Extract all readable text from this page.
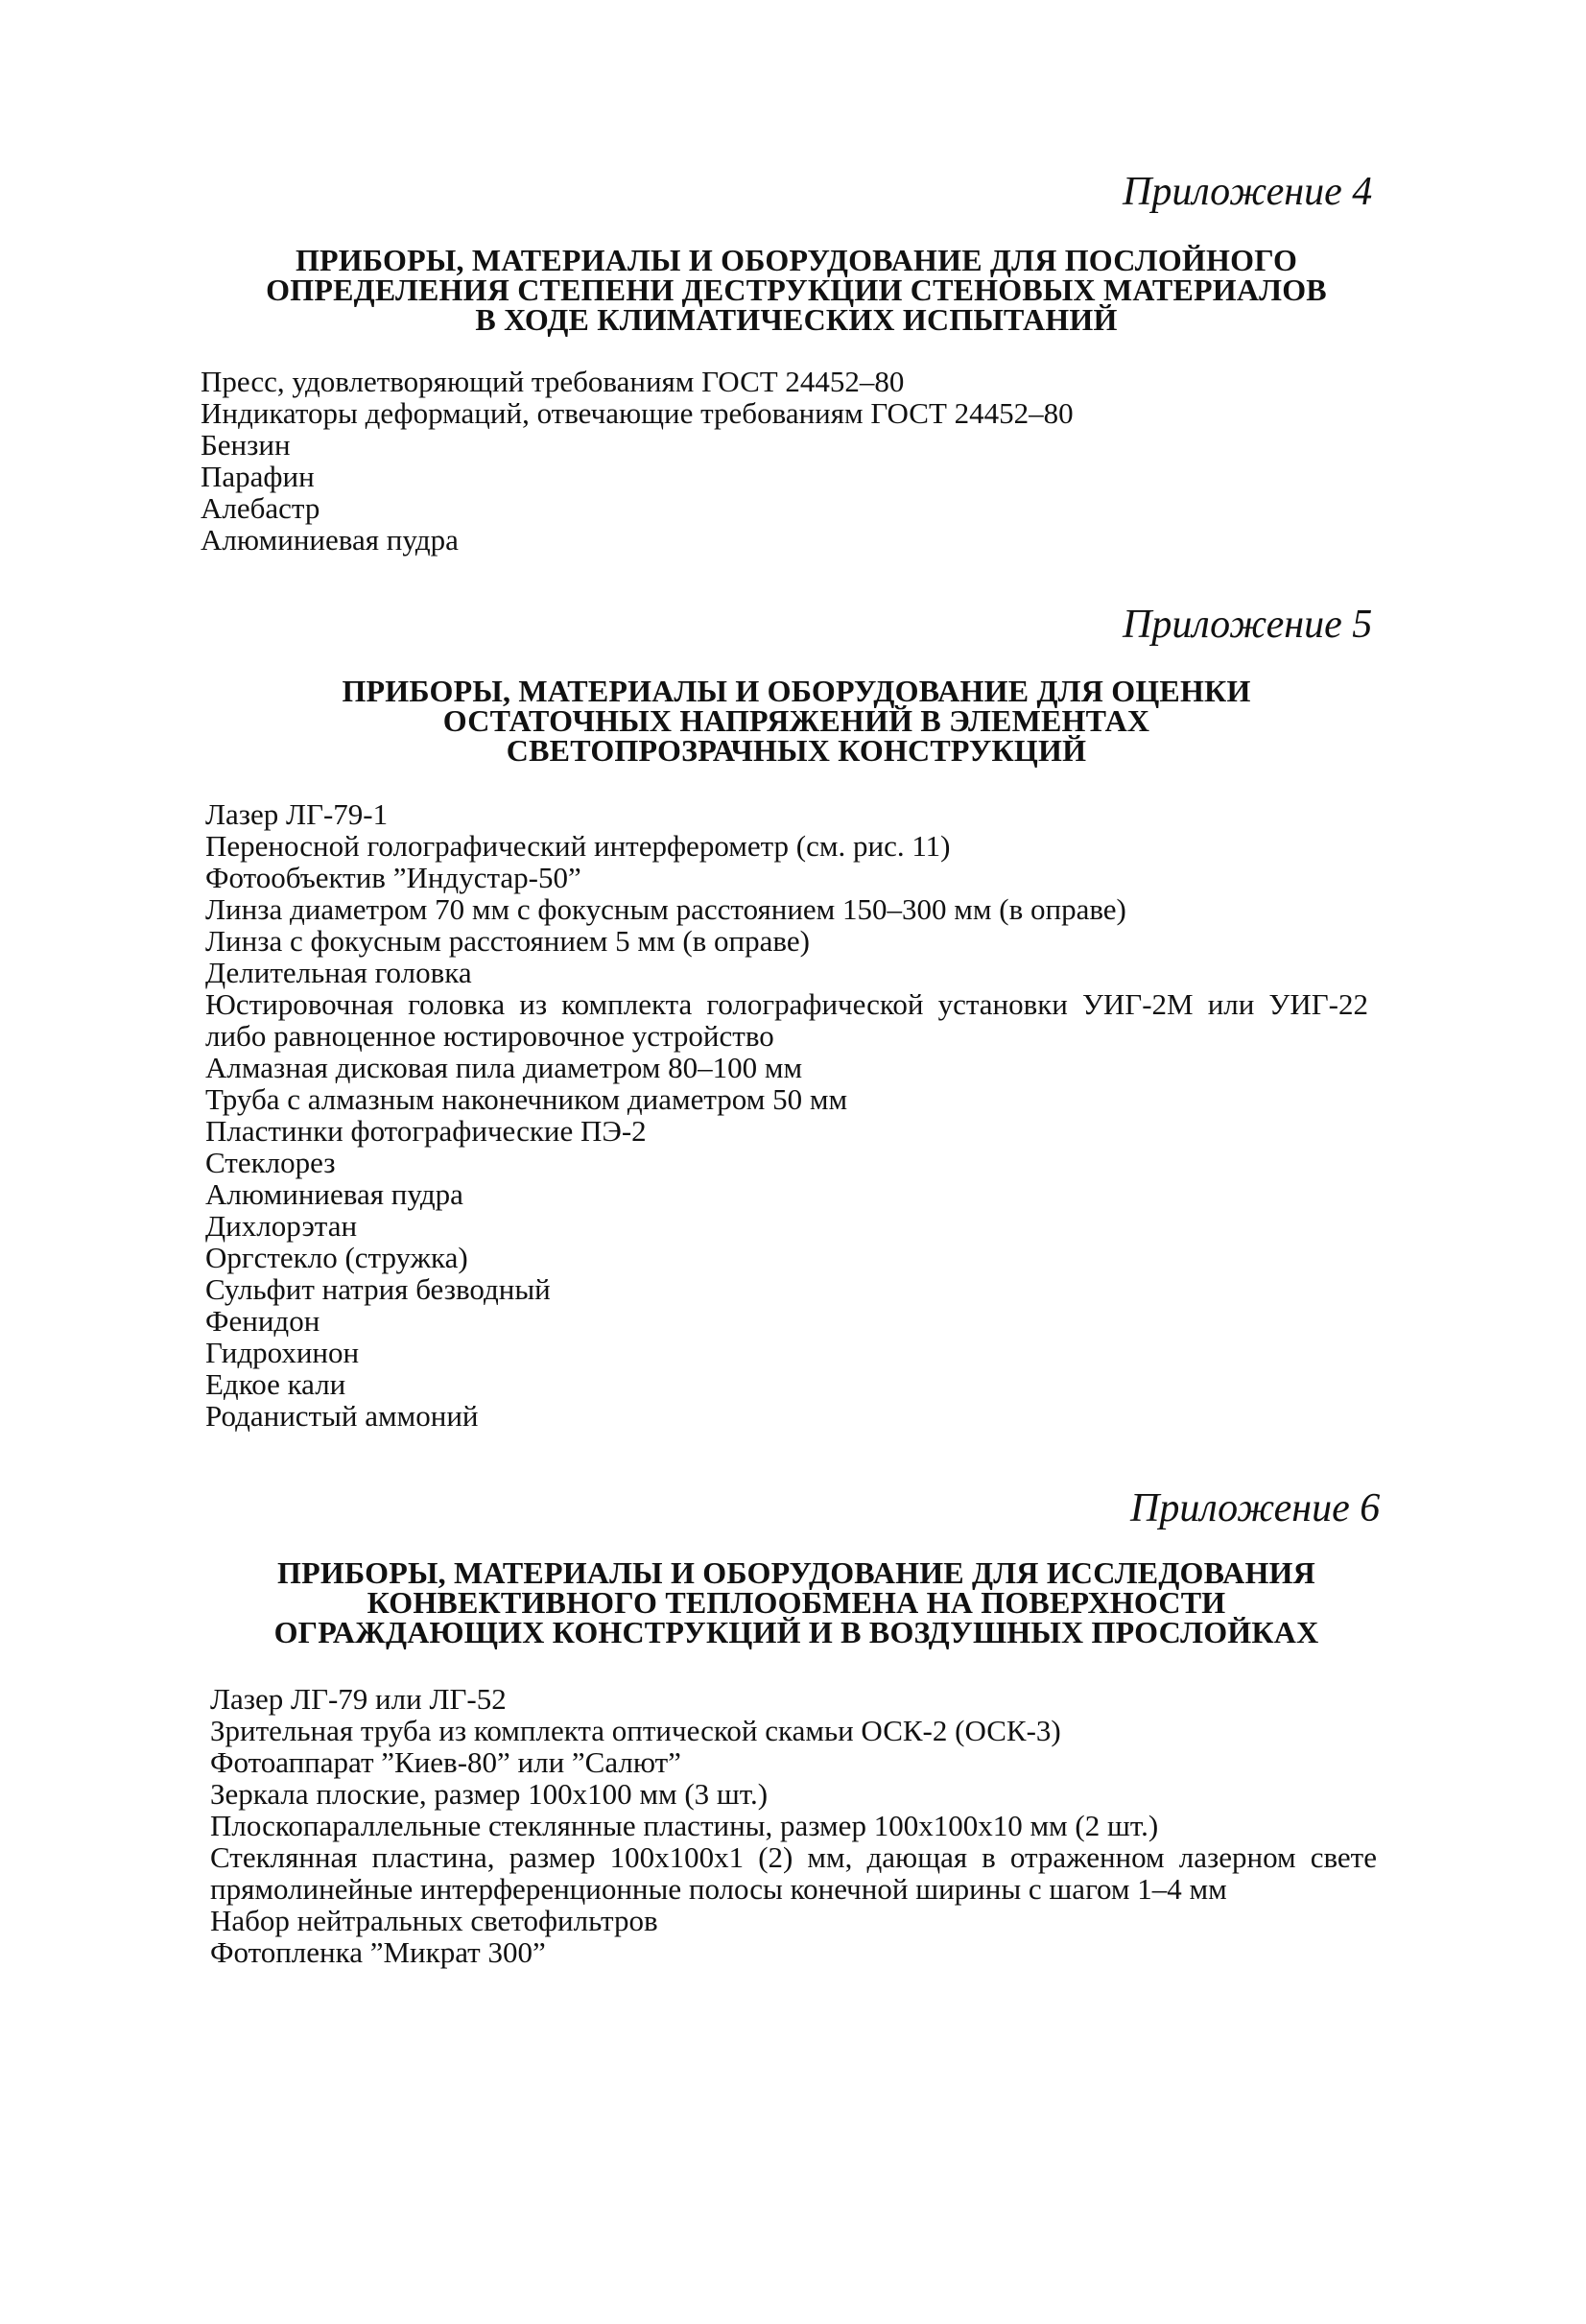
Приложение 4
ПРИБОРЫ, МАТЕРИАЛЫ И ОБОРУДОВАНИЕ ДЛЯ ПОСЛОЙНОГО
ОПРЕДЕЛЕНИЯ СТЕПЕНИ ДЕСТРУКЦИИ СТЕНОВЫХ МАТЕРИАЛОВ
В ХОДЕ КЛИМАТИЧЕСКИХ ИСПЫТАНИЙ
Пресс, удовлетворяющий требованиям ГОСТ 24452–80
Индикаторы деформаций, отвечающие требованиям ГОСТ 24452–80
Бензин
Парафин
Алебастр
Алюминиевая пудра
Приложение 5
ПРИБОРЫ, МАТЕРИАЛЫ И ОБОРУДОВАНИЕ ДЛЯ ОЦЕНКИ
ОСТАТОЧНЫХ НАПРЯЖЕНИЙ В ЭЛЕМЕНТАХ
СВЕТОПРОЗРАЧНЫХ КОНСТРУКЦИЙ
Лазер ЛГ-79-1
Переносной голографический интерферометр (см. рис. 11)
Фотообъектив ”Индустар-50”
Линза диаметром 70 мм с фокусным расстоянием 150–300 мм (в оправе)
Линза с фокусным расстоянием 5 мм (в оправе)
Делительная головка
Юстировочная головка из комплекта голографической установки УИГ-2М или УИГ-22 либо равноценное юстировочное устройство
Алмазная дисковая пила диаметром 80–100 мм
Труба с алмазным наконечником диаметром 50 мм
Пластинки фотографические ПЭ-2
Стеклорез
Алюминиевая пудра
Дихлорэтан
Оргстекло (стружка)
Сульфит натрия безводный
Фенидон
Гидрохинон
Едкое кали
Роданистый аммоний
Приложение 6
ПРИБОРЫ, МАТЕРИАЛЫ И ОБОРУДОВАНИЕ ДЛЯ ИССЛЕДОВАНИЯ
КОНВЕКТИВНОГО ТЕПЛООБМЕНА НА ПОВЕРХНОСТИ
ОГРАЖДАЮЩИХ КОНСТРУКЦИЙ И В ВОЗДУШНЫХ ПРОСЛОЙКАХ
Лазер ЛГ-79 или ЛГ-52
Зрительная труба из комплекта оптической скамьи ОСК-2 (ОСК-3)
Фотоаппарат ”Киев-80” или ”Салют”
Зеркала плоские, размер 100х100 мм (3 шт.)
Плоскопараллельные стеклянные пластины, размер 100х100х10 мм (2 шт.)
Стеклянная пластина, размер 100х100х1 (2) мм, дающая в отраженном лазерном свете прямолинейные интерференционные полосы конечной ширины с шагом 1–4 мм
Набор нейтральных светофильтров
Фотопленка ”Микрат 300”
